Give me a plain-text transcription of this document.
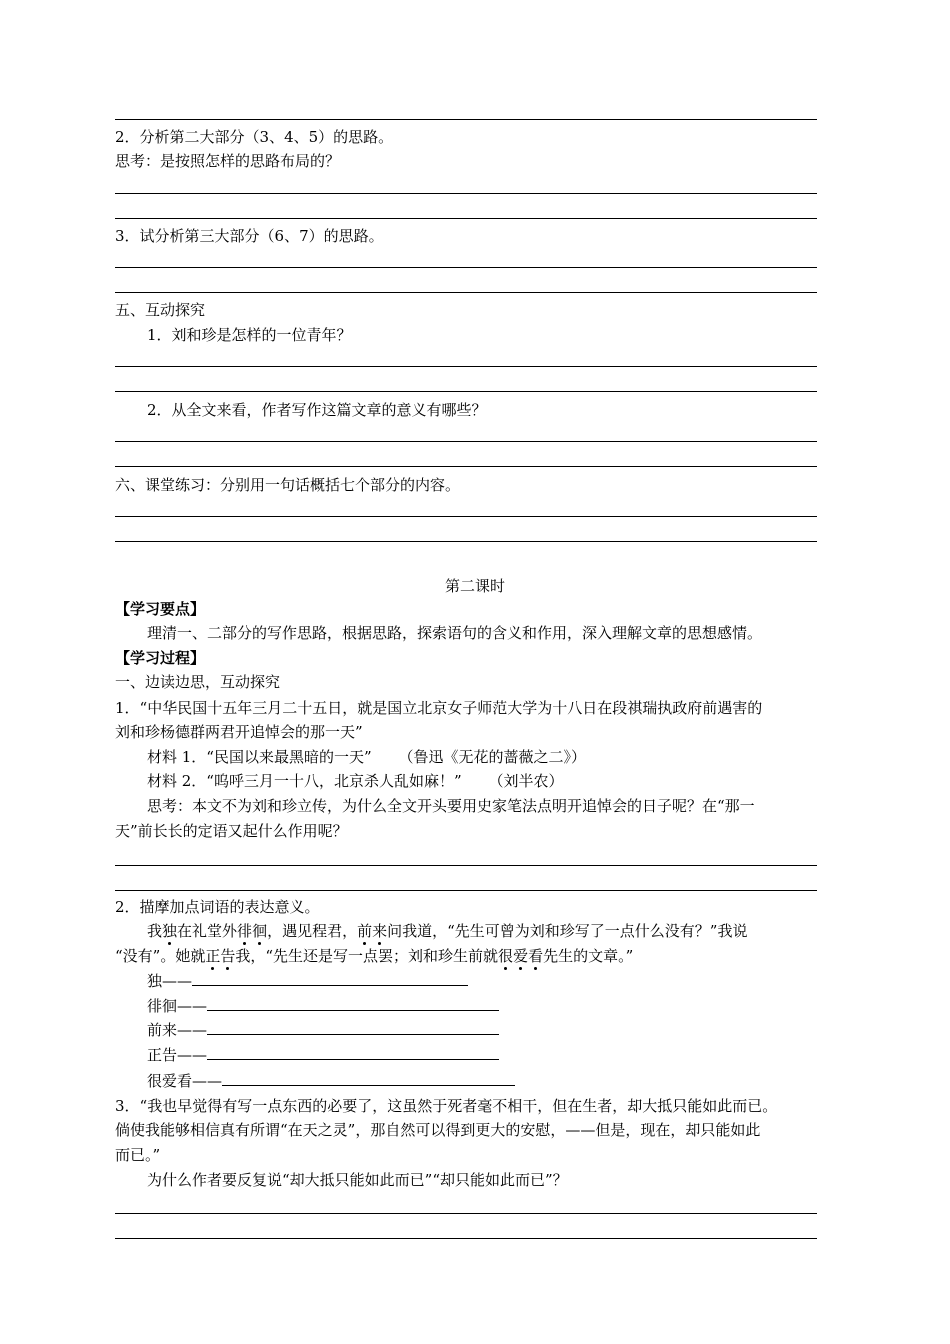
2．分析第二大部分（3、4、5）的思路。
思考：是按照怎样的思路布局的？
3．试分析第三大部分（6、7）的思路。
五、互动探究
1．刘和珍是怎样的一位青年？
2．从全文来看，作者写作这篇文章的意义有哪些？
六、课堂练习：分别用一句话概括七个部分的内容。
第二课时
【学习要点】
理清一、二部分的写作思路，根据思路，探索语句的含义和作用，深入理解文章的思想感情。
【学习过程】
一、边读边思，互动探究
1．“中华民国十五年三月二十五日，就是国立北京女子师范大学为十八日在段祺瑞执政府前遇害的
刘和珍杨德群两君开追悼会的那一天”
材料 1．“民国以来最黑暗的一天” （鲁迅《无花的蔷薇之二》）
材料 2．“呜呼三月一十八，北京杀人乱如麻！” （刘半农）
思考：本文不为刘和珍立传，为什么全文开头要用史家笔法点明开追悼会的日子呢？在“那一
天”前长长的定语又起什么作用呢？
2．描摩加点词语的表达意义。
我独在礼堂外徘徊，遇见程君，前来问我道，“先生可曾为刘和珍写了一点什么没有？”我说
“没有”。她就正告我，“先生还是写一点罢；刘和珍生前就很爱看先生的文章。”
独——
徘徊——
前来——
正告——
很爱看——
3．“我也早觉得有写一点东西的必要了，这虽然于死者毫不相干，但在生者，却大抵只能如此而已。
倘使我能够相信真有所谓“在天之灵”，那自然可以得到更大的安慰，——但是，现在，却只能如此
而已。”
为什么作者要反复说“却大抵只能如此而已”“却只能如此而已”？
